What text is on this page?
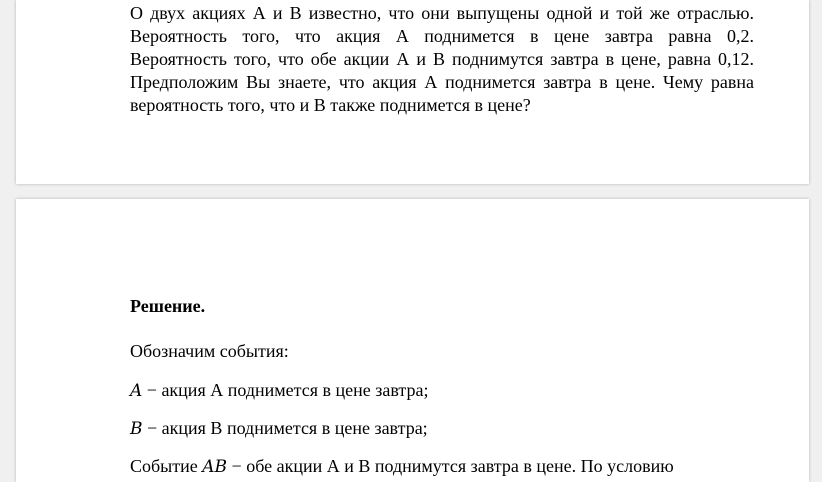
О двух акциях А и В известно, что они выпущены одной и той же отраслью.
Вероятность того, что акция А поднимется в цене завтра равна 0,2.
Вероятность того, что обе акции А и В поднимутся завтра в цене, равна 0,12.
Предположим Вы знаете, что акция А поднимется завтра в цене. Чему равна
вероятность того, что и В также поднимется в цене?

Решение.

Обозначим события:

A − акция А поднимется в цене завтра;

B − акция В поднимется в цене завтра;

Событие AB − обе акции А и В поднимутся завтра в цене. По условию
